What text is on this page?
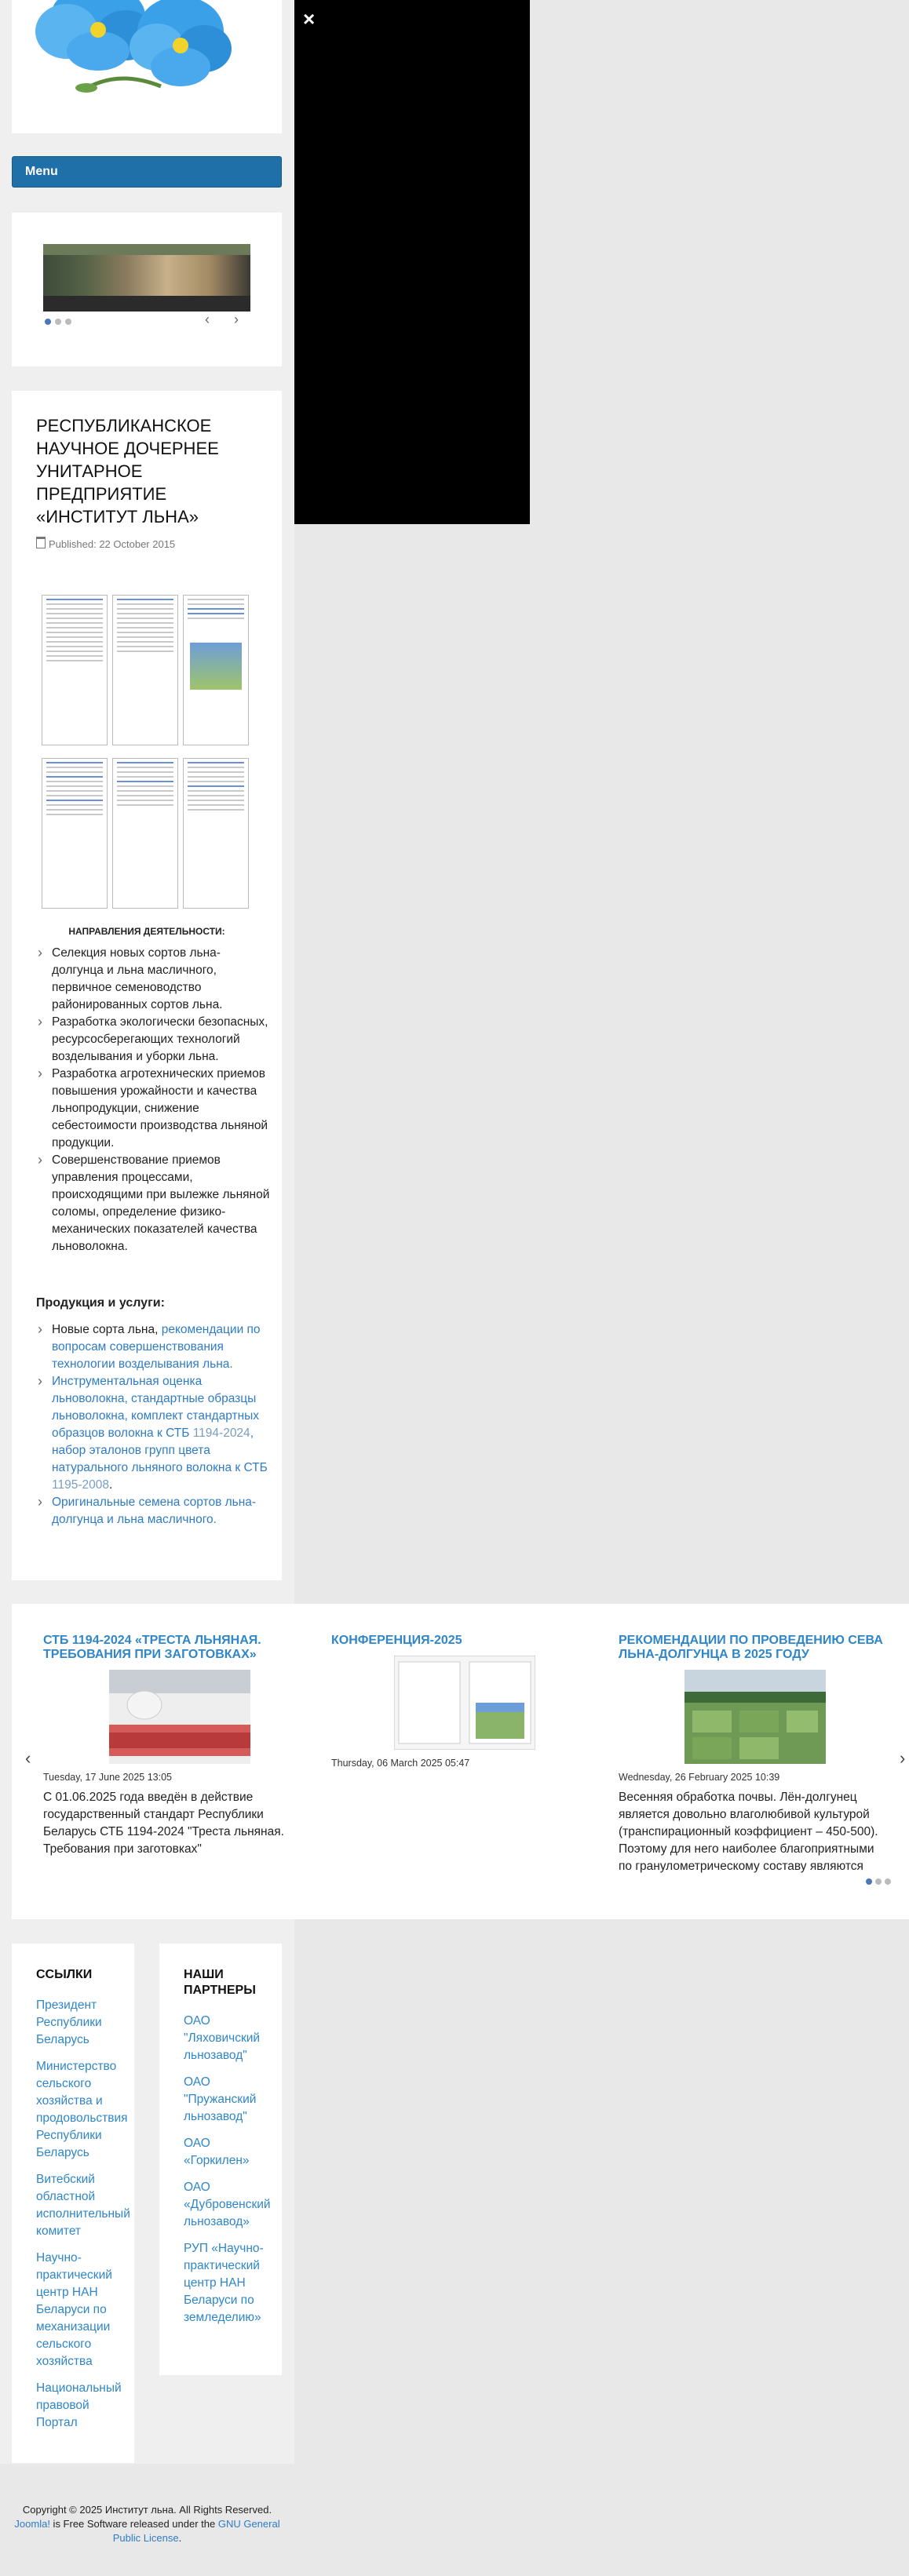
Menu
‹ ›
РЕСПУБЛИКАНСКОЕ НАУЧНОЕ ДОЧЕРНЕЕ УНИТАРНОЕ ПРЕДПРИЯТИЕ «ИНСТИТУТ ЛЬНА»
Published: 22 October 2015
НАПРАВЛЕНИЯ ДЕЯТЕЛЬНОСТИ:
› Селекция новых сортов льна-долгунца и льна масличного, первичное семеноводство районированных сортов льна.
› Разработка экологически безопасных, ресурсосберегающих технологий возделывания и уборки льна.
› Разработка агротехнических приемов повышения урожайности и качества льнопродукции, снижение себестоимости производства льняной продукции.
› Совершенствование приемов управления процессами, происходящими при вылежке льняной соломы, определение физико-механических показателей качества льноволокна.
Продукция и услуги:
› Новые сорта льна, рекомендации по вопросам совершенствования технологии возделывания льна.
› Инструментальная оценка льноволокна, стандартные образцы льноволокна, комплект стандартных образцов волокна к СТБ 1194-2024, набор эталонов групп цвета натурального льняного волокна к СТБ 1195-2008.
› Оригинальные семена сортов льна-долгунца и льна масличного.
ССЫЛКИ
Президент Республики Беларусь
Министерство сельского хозяйства и продовольствия Республики Беларусь
Витебский областной исполнительный комитет
Научно-практический центр НАН Беларуси по механизации сельского хозяйства
Национальный правовой Портал
НАШИ ПАРТНЕРЫ
ОАО "Ляховичский льнозавод"
ОАО "Пружанский льнозавод"
ОАО «Горкилен»
ОАО «Дубровенский льнозавод»
РУП «Научно-практический центр НАН Беларуси по земледелию»
Copyright © 2025 Институт льна. All Rights Reserved.
Joomla! is Free Software released under the GNU General Public License.
‹	›
СТБ 1194-2024 «ТРЕСТА ЛЬНЯНАЯ. ТРЕБОВАНИЯ ПРИ ЗАГОТОВКАХ»
Tuesday, 17 June 2025 13:05
С 01.06.2025 года введён в действие государственный стандарт Республики Беларусь СТБ 1194-2024 "Треста льняная. Требования при заготовках"
КОНФЕРЕНЦИЯ-2025
Thursday, 06 March 2025 05:47
РЕКОМЕНДАЦИИ ПО ПРОВЕДЕНИЮ СЕВА ЛЬНА-ДОЛГУНЦА В 2025 ГОДУ
Wednesday, 26 February 2025 10:39
Весенняя обработка почвы. Лён-долгунец является довольно влаголюбивой культурой (транспирационный коэффициент – 450-500). Поэтому для него наиболее благоприятными по гранулометрическому составу являются
×
